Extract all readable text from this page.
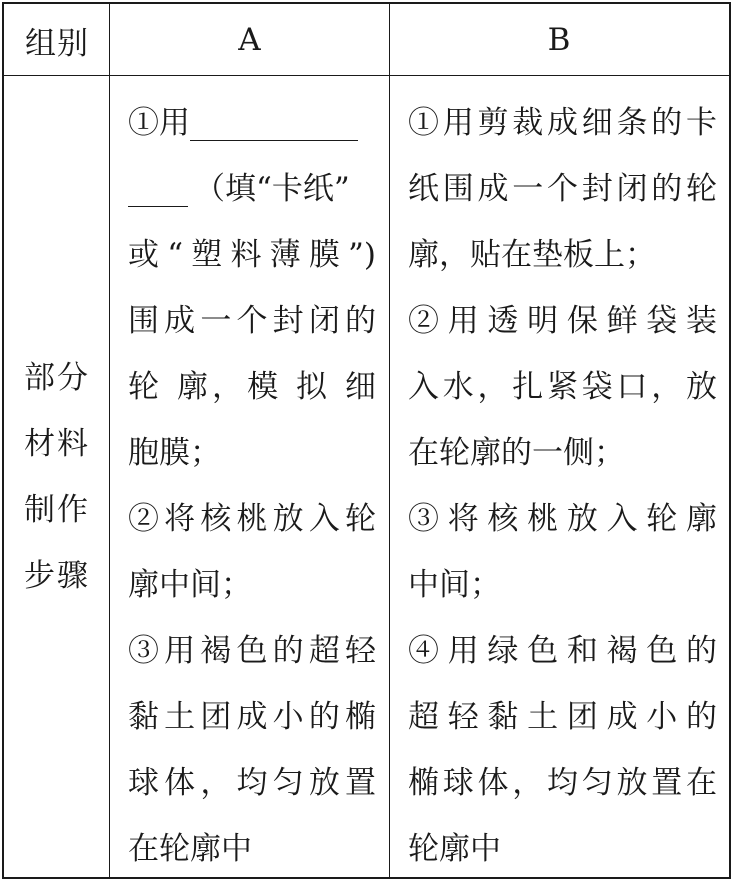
组别	A	B
部分
材料
制作
步骤
①用
（填“卡纸”
或“塑料薄膜”)
围成一个封闭的
轮 廓，模 拟 细
胞膜；
②将核桃放入轮
廓中间；
③用褐色的超轻
黏土团成小的椭
球体，均匀放置
在轮廓中
①用剪裁成细条的卡
纸围成一个封闭的轮
廓，贴在垫板上；
②用透明保鲜袋装
入水，扎紧袋口，放
在轮廓的一侧；
③将核桃放入轮廓
中间；
④用绿色和褐色的
超轻黏土团成小的
椭球体，均匀放置在
轮廓中
